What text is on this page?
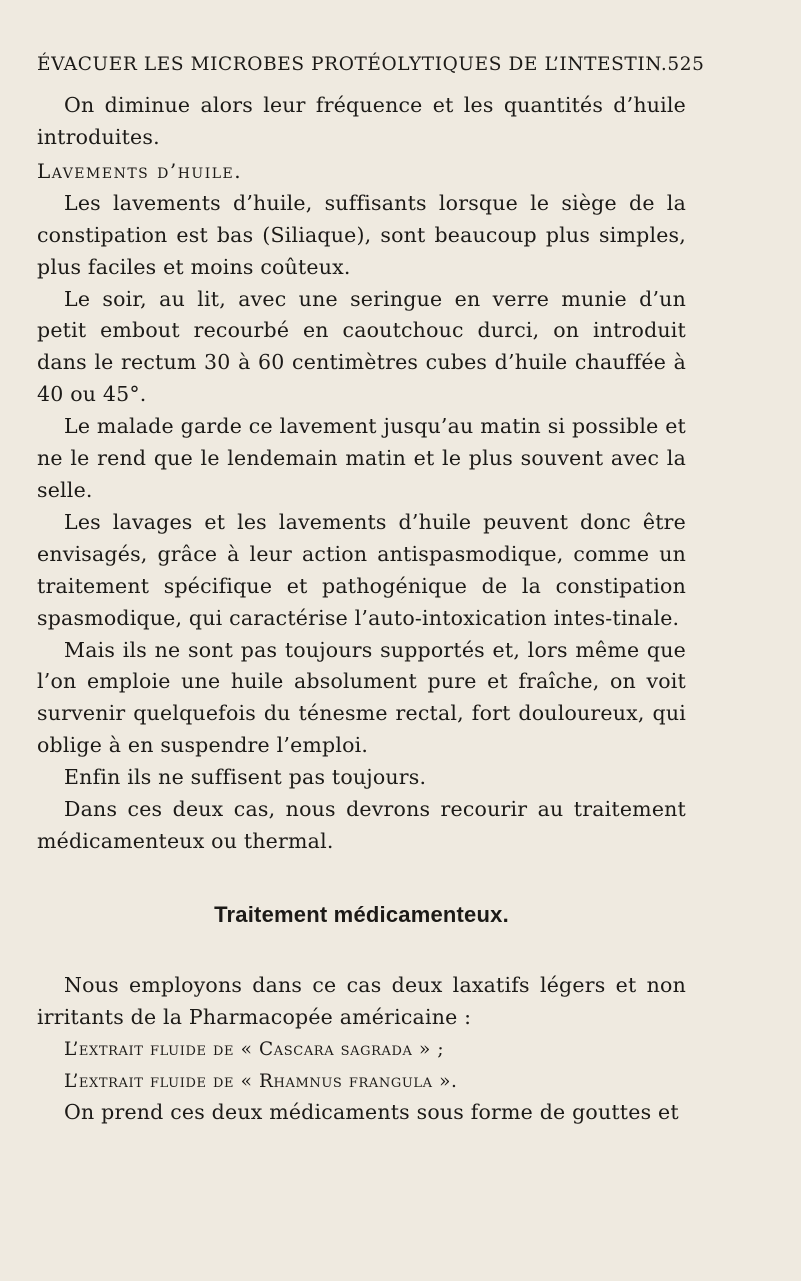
ÉVACUER LES MICROBES PROTÉOLYTIQUES DE L’INTESTIN. 525

On diminue alors leur fréquence et les quantités d’huile introduites.

Lavements d’huile.

Les lavements d’huile, suffisants lorsque le siège de la constipation est bas (Siliaque), sont beaucoup plus simples, plus faciles et moins coûteux.

Le soir, au lit, avec une seringue en verre munie d’un petit embout recourbé en caoutchouc durci, on introduit dans le rectum 30 à 60 centimètres cubes d’huile chauffée à 40 ou 45°.

Le malade garde ce lavement jusqu’au matin si possible et ne le rend que le lendemain matin et le plus souvent avec la selle.

Les lavages et les lavements d’huile peuvent donc être envisagés, grâce à leur action antispasmodique, comme un traitement spécifique et pathogénique de la constipation spasmodique, qui caractérise l’auto-intoxication intes-tinale.

Mais ils ne sont pas toujours supportés et, lors même que l’on emploie une huile absolument pure et fraîche, on voit survenir quelquefois du ténesme rectal, fort douloureux, qui oblige à en suspendre l’emploi.

Enfin ils ne suffisent pas toujours.

Dans ces deux cas, nous devrons recourir au traitement médicamenteux ou thermal.

Traitement médicamenteux.

Nous employons dans ce cas deux laxatifs légers et non irritants de la Pharmacopée américaine :

L’extrait fluide de « Cascara sagrada » ;

L’extrait fluide de « Rhamnus frangula ».

On prend ces deux médicaments sous forme de gouttes et
